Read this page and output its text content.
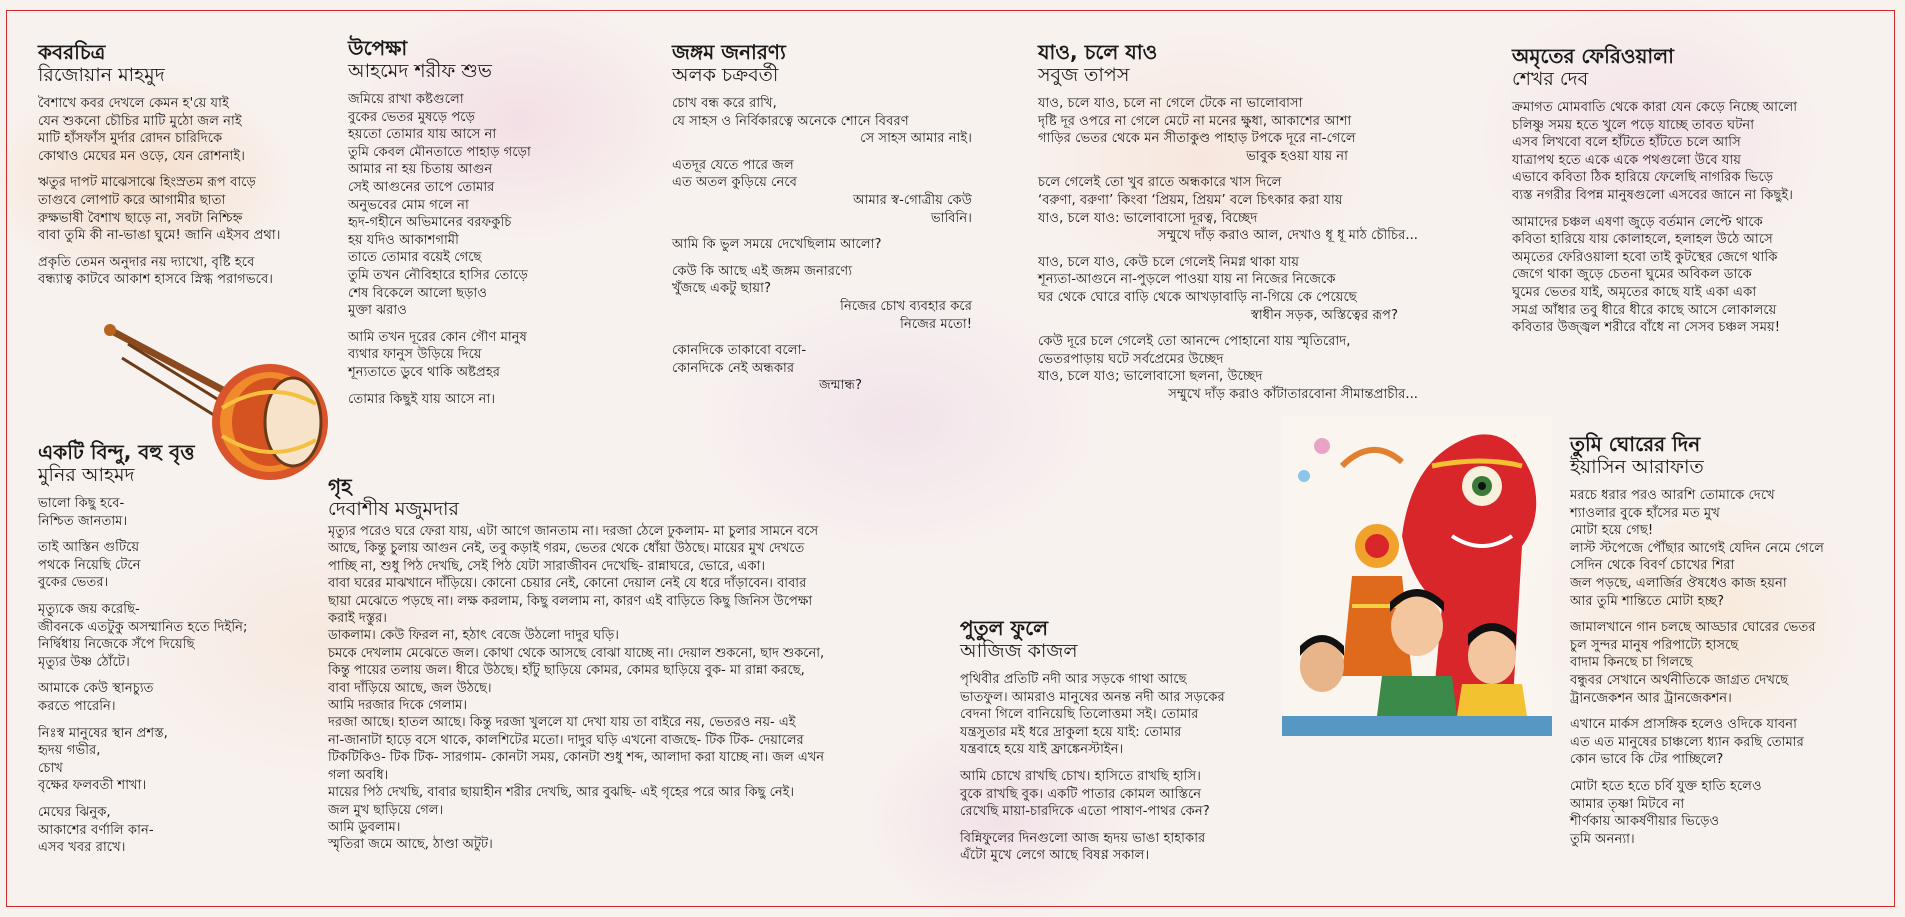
কবরচিত্র
রিজোয়ান মাহমুদ

বৈশাখে কবর দেখলে কেমন হ'য়ে যাই
যেন শুকনো চৌচির মাটি মুঠো জল নাই
মাটি হাঁসফাঁস মুর্দার রোদন চারিদিকে
কোথাও মেঘের মন ওড়ে, যেন রোশনাই।

ঋতুর দাপট মাঝেসাঝে হিংস্রতম রূপ বাড়ে
তাগুবে লোপাট করে আগামীর ছাতা
রুক্ষভাষী বৈশাখ ছাড়ে না, সবটা নিশ্চিহ্ন
বাবা তুমি কী না-ভাঙা ঘুমে! জানি এইসব প্রথা।

প্রকৃতি তেমন অনুদার নয় দ্যাখো, বৃষ্টি হবে
বন্ধ্যাত্ব কাটবে আকাশ হাসবে স্নিগ্ধ পরাগভবে।

একটি বিন্দু, বহু বৃত্ত
মুনির আহমদ

ভালো কিছু হবে-
নিশ্চিত জানতাম।

তাই আস্তিন গুটিয়ে
পথকে নিয়েছি টেনে
বুকের ভেতর।

মৃত্যুকে জয় করেছি-
জীবনকে এতটুকু অসম্মানিত হতে দিইনি;
নির্দ্বিধায় নিজেকে সঁপে দিয়েছি
মৃত্যুর উষ্ণ ঠোঁটে।

আমাকে কেউ স্থানচ্যুত
করতে পারেনি।

নিঃস্ব মানুষের স্থান প্রশস্ত,
হৃদয় গভীর,
চোখ
বৃক্ষের ফলবতী শাখা।

মেঘের ঝিনুক,
আকাশের বর্ণালি কান-
এসব খবর রাখে।

উপেক্ষা
আহমেদ শরীফ শুভ

জমিয়ে রাখা কষ্টগুলো
বুকের ভেতর মুষড়ে পড়ে
হয়তো তোমার যায় আসে না
তুমি কেবল মৌনতাতে পাহাড় গড়ো
আমার না হয় চিতায় আগুন
সেই আগুনের তাপে তোমার
অনুভবের মোম গলে না
হৃদ-গহীনে অভিমানের বরফকুচি
হয় যদিও আকাশগামী
তাতে তোমার বয়েই গেছে
তুমি তখন নৌবিহারে হাসির তোড়ে
শেষ বিকেলে আলো ছড়াও
মুক্তা ঝরাও

আমি তখন দূরের কোন গৌণ মানুষ
ব্যথার ফানুস উড়িয়ে দিয়ে
শূন্যতাতে ডুবে থাকি অষ্টপ্রহর

তোমার কিছুই যায় আসে না।

জঙ্গম জনারণ্য
অলক চক্রবর্তী

চোখ বন্ধ করে রাখি,
যে সাহস ও নির্বিকারত্বে অনেকে শোনে বিবরণ

সে সাহস আমার নাই।

এতদূর যেতে পারে জল
এত অতল কুড়িয়ে নেবে

আমার স্ব-গোত্রীয় কেউ
ভাবিনি।

আমি কি ভুল সময়ে দেখেছিলাম আলো?

কেউ কি আছে এই জঙ্গম জনারণ্যে
খুঁজছে একটু ছায়া?

নিজের চোখ ব্যবহার করে
নিজের মতো!

কোনদিকে তাকাবো বলো-
কোনদিকে নেই অন্ধকার

জন্মান্ধ?

গৃহ
দেবাশীষ মজুমদার

মৃত্যুর পরেও ঘরে ফেরা যায়, এটা আগে জানতাম না। দরজা ঠেলে ঢুকলাম- মা চুলার সামনে বসে
আছে, কিন্তু চুলায় আগুন নেই, তবু কড়াই গরম, ভেতর থেকে ধোঁয়া উঠছে। মায়ের মুখ দেখতে
পাচ্ছি না, শুধু পিঠ দেখছি, সেই পিঠ যেটা সারাজীবন দেখেছি- রান্নাঘরে, ভোরে, একা।
বাবা ঘরের মাঝখানে দাঁড়িয়ে। কোনো চেয়ার নেই, কোনো দেয়াল নেই যে ধরে দাঁড়াবেন। বাবার
ছায়া মেঝেতে পড়ছে না। লক্ষ করলাম, কিছু বললাম না, কারণ এই বাড়িতে কিছু জিনিস উপেক্ষা
করাই দস্তুর।
ডাকলাম। কেউ ফিরল না, হঠাৎ বেজে উঠলো দাদুর ঘড়ি।
চমকে দেখলাম মেঝেতে জল। কোথা থেকে আসছে বোঝা যাচ্ছে না। দেয়াল শুকনো, ছাদ শুকনো,
কিন্তু পায়ের তলায় জল। ধীরে উঠছে। হাঁটু ছাড়িয়ে কোমর, কোমর ছাড়িয়ে বুক- মা রান্না করছে,
বাবা দাঁড়িয়ে আছে, জল উঠছে।
আমি দরজার দিকে গেলাম।
দরজা আছে। হাতল আছে। কিন্তু দরজা খুললে যা দেখা যায় তা বাইরে নয়, ভেতরও নয়- এই
না-জানাটা হাড়ে বসে থাকে, কালশিটের মতো। দাদুর ঘড়ি এখনো বাজছে- টিক টিক- দেয়ালের
টিকটিকিও- টিক টিক- সারগাম- কোনটা সময়, কোনটা শুধু শব্দ, আলাদা করা যাচ্ছে না। জল এখন
গলা অবধি।
মায়ের পিঠ দেখছি, বাবার ছায়াহীন শরীর দেখছি, আর বুঝছি- এই গৃহের পরে আর কিছু নেই।
জল মুখ ছাড়িয়ে গেল।
আমি ডুবলাম।
স্মৃতিরা জমে আছে, ঠাণ্ডা অটুট।

যাও, চলে যাও
সবুজ তাপস

যাও, চলে যাও, চলে না গেলে টেকে না ভালোবাসা
দৃষ্টি দূর ওপরে না গেলে মেটে না মনের ক্ষুধা, আকাশের আশা
গাড়ির ভেতর থেকে মন সীতাকুণ্ড পাহাড় টপকে দূরে না-গেলে

ভাবুক হওয়া যায় না

চলে গেলেই তো খুব রাতে অন্ধকারে খাস দিলে
‘বরুণা, বরুণা’ কিংবা ‘প্রিয়ম, প্রিয়ম’ বলে চিৎকার করা যায়
যাও, চলে যাও: ভালোবাসো দূরত্ব, বিচ্ছেদ

সম্মুখে দাঁড় করাও আল, দেখাও ধূ ধূ মাঠ চৌচির...

যাও, চলে যাও, কেউ চলে গেলেই নিমগ্ন থাকা যায়
শূন্যতা-আগুনে না-পুড়লে পাওয়া যায় না নিজের নিজেকে
ঘর থেকে ঘোরে বাড়ি থেকে আখড়াবাড়ি না-গিয়ে কে পেয়েছে

স্বাধীন সড়ক, অস্তিত্বের রূপ?

কেউ দূরে চলে গেলেই তো আনন্দে পোহানো যায় স্মৃতিরোদ,
ভেতরপাড়ায় ঘটে সর্বপ্রেমের উচ্ছেদ
যাও, চলে যাও; ভালোবাসো ছলনা, উচ্ছেদ

সম্মুখে দাঁড় করাও কাঁটাতারবোনা সীমান্তপ্রাচীর...

অমৃতের ফেরিওয়ালা
শেখর দেব

ক্রমাগত মোমবাতি থেকে কারা যেন কেড়ে নিচ্ছে আলো
চলিষ্ণু সময় হতে খুলে পড়ে যাচ্ছে তাবত ঘটনা
এসব লিখবো বলে হাঁটতে হাঁটতে চলে আসি
যাত্রাপথ হতে একে একে পথগুলো উবে যায়
এভাবে কবিতা ঠিক হারিয়ে ফেলেছি নাগরিক ভিড়ে
ব্যস্ত নগরীর বিপন্ন মানুষগুলো এসবের জানে না কিছুই।

আমাদের চঞ্চল এষণা জুড়ে বর্তমান লেপ্টে থাকে
কবিতা হারিয়ে যায় কোলাহলে, হলাহল উঠে আসে
অমৃতের ফেরিওয়ালা হবো তাই কুটস্থের জেগে থাকি
জেগে থাকা জুড়ে চেতনা ঘুমের অবিকল ডাকে
ঘুমের ভেতর যাই, অমৃতের কাছে যাই একা একা
সমগ্র আঁধার তবু ধীরে ধীরে কাছে আসে লোকালয়ে
কবিতার উজ্জ্বল শরীরে বাঁধে না সেসব চঞ্চল সময়!

পুতুল ফুলে
আজিজ কাজল

পৃথিবীর প্রতিটি নদী আর সড়কে গাথা আছে
ভাতফুল। আমরাও মানুষের অনন্ত নদী আর সড়কের
বেদনা গিলে বানিয়েছি তিলোত্তমা সই। তোমার
যন্ত্রসুতার মই ধরে দ্রাকুলা হয়ে যাই: তোমার
যন্ত্রবাহে হয়ে যাই ফ্রাঙ্কেনস্টাইন।

আমি চোখে রাখছি চোখ। হাসিতে রাখছি হাসি।
বুকে রাখছি বুক। একটি পাতার কোমল আস্তিনে
রেখেছি মায়া-চারদিকে এতো পাষাণ-পাথর কেন?

বিন্নিফুলের দিনগুলো আজ হৃদয় ভাঙা হাহাকার
এঁটো মুখে লেগে আছে বিষণ্ণ সকাল।

তুমি ঘোরের দিন
ইয়াসিন আরাফাত

মরচে ধরার পরও আরশি তোমাকে দেখে
শ্যাওলার বুকে হাঁসের মত মুখ
মোটা হয়ে গেছ!
লাস্ট স্টপেজে পৌঁছার আগেই যেদিন নেমে গেলে
সেদিন থেকে বিবর্ণ চোখের শিরা
জল পড়ছে, এলার্জির ঔষধেও কাজ হয়না
আর তুমি শান্তিতে মোটা হচ্ছ?

জামালখানে গান চলছে আড্ডার ঘোরের ভেতর
চুল সুন্দর মানুষ পরিপাট্যে হাসছে
বাদাম কিনছে চা গিলছে
বন্ধুবর সেখানে অর্থনীতিকে জাগ্রত দেখছে
ট্রানজেকশন আর ট্রানজেকশন।

এখানে মার্কস প্রাসঙ্গিক হলেও ওদিকে যাবনা
এত এত মানুষের চাঞ্চল্যে ধ্যান করছি তোমার
কোন ভাবে কি টের পাচ্ছিলে?

মোটা হতে হতে চর্বি যুক্ত হাতি হলেও
আমার তৃষ্ণা মিটবে না
শীর্ণকায় আকর্ষণীয়ার ভিড়েও
তুমি অনন্যা।
